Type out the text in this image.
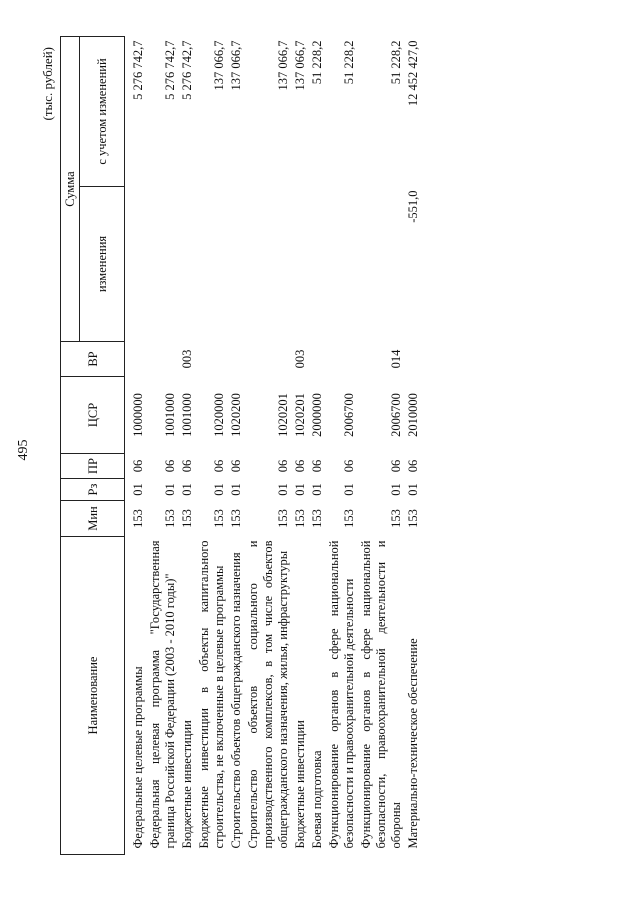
495
(тыс. рублей)
Наименование	Мин	Рз	ПР	ЦСР	ВР	Сумма	
						изменения	с учетом изменений
Федеральные целевые программы	153	01	06	1000000			5 276 742,7
Федеральная целевая программа "Государственная граница Российской Федерации (2003 - 2010 годы)"	153	01	06	1001000			5 276 742,7
Бюджетные инвестиции	153	01	06	1001000	003		5 276 742,7
Бюджетные инвестиции в объекты капитального строительства, не включенные в целевые программы	153	01	06	1020000			137 066,7
Строительство объектов общегражданского назначения	153	01	06	1020200			137 066,7
Строительство объектов социального и производственного комплексов, в том числе объектов общегражданского назначения, жилья, инфраструктуры	153	01	06	1020201			137 066,7
Бюджетные инвестиции	153	01	06	1020201	003		137 066,7
Боевая подготовка	153	01	06	2000000			51 228,2
Функционирование органов в сфере национальной безопасности и правоохранительной деятельности	153	01	06	2006700			51 228,2
Функционирование органов в сфере национальной безопасности, правоохранительной деятельности и обороны	153	01	06	2006700	014		51 228,2
Материально-техническое обеспечение	153	01	06	2010000		-551,0	12 452 427,0
